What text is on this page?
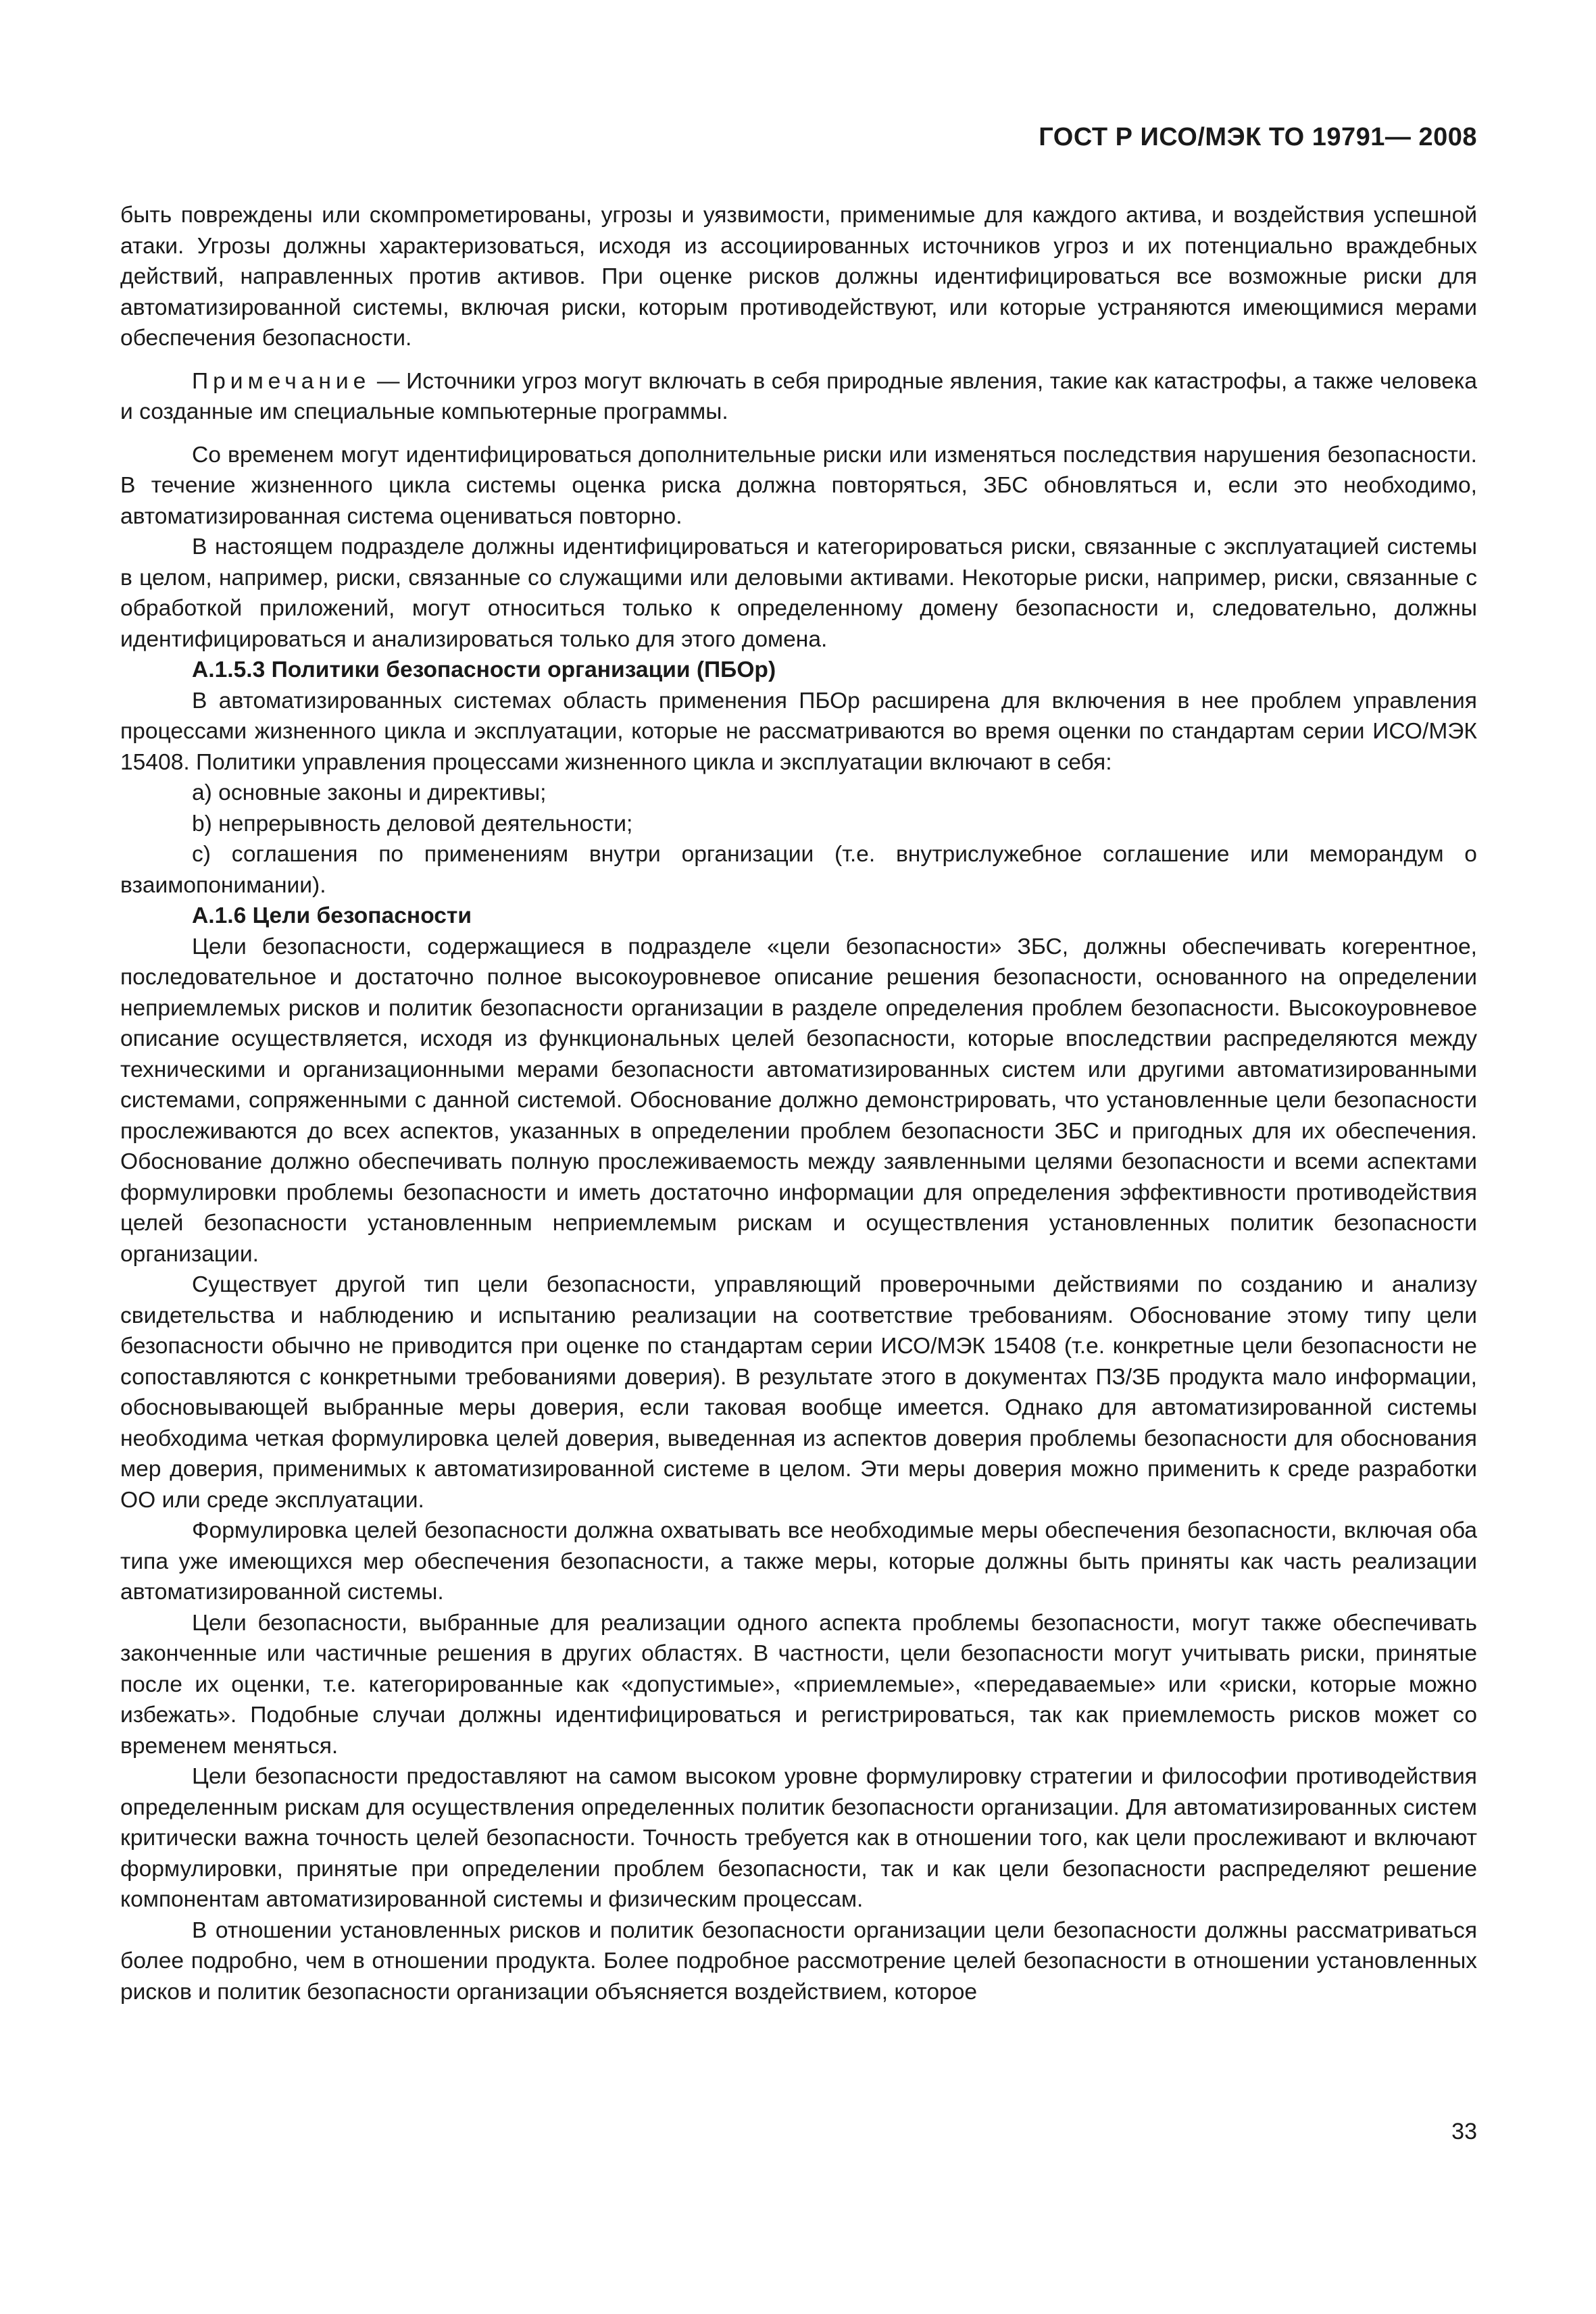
ГОСТ Р ИСО/МЭК ТО 19791— 2008

быть повреждены или скомпрометированы, угрозы и уязвимости, применимые для каждого актива, и воздействия успешной атаки. Угрозы должны характеризоваться, исходя из ассоциированных источников угроз и их потенциально враждебных действий, направленных против активов. При оценке рисков должны идентифицироваться все возможные риски для автоматизированной системы, включая риски, которым противодействуют, или которые устраняются имеющимися мерами обеспечения безопасности.

Примечание — Источники угроз могут включать в себя природные явления, такие как катастрофы, а также человека и созданные им специальные компьютерные программы.

Со временем могут идентифицироваться дополнительные риски или изменяться последствия нарушения безопасности. В течение жизненного цикла системы оценка риска должна повторяться, ЗБС обновляться и, если это необходимо, автоматизированная система оцениваться повторно.

В настоящем подразделе должны идентифицироваться и категорироваться риски, связанные с эксплуатацией системы в целом, например, риски, связанные со служащими или деловыми активами. Некоторые риски, например, риски, связанные с обработкой приложений, могут относиться только к определенному домену безопасности и, следовательно, должны идентифицироваться и анализироваться только для этого домена.

А.1.5.3 Политики безопасности организации (ПБОр)

В автоматизированных системах область применения ПБОр расширена для включения в нее проблем управления процессами жизненного цикла и эксплуатации, которые не рассматриваются во время оценки по стандартам серии ИСО/МЭК 15408. Политики управления процессами жизненного цикла и эксплуатации включают в себя:

а) основные законы и директивы;

b) непрерывность деловой деятельности;

с) соглашения по применениям внутри организации (т.е. внутрислужебное соглашение или меморандум о взаимопонимании).

А.1.6 Цели безопасности

Цели безопасности, содержащиеся в подразделе «цели безопасности» ЗБС, должны обеспечивать когерентное, последовательное и достаточно полное высокоуровневое описание решения безопасности, основанного на определении неприемлемых рисков и политик безопасности организации в разделе определения проблем безопасности. Высокоуровневое описание осуществляется, исходя из функциональных целей безопасности, которые впоследствии распределяются между техническими и организационными мерами безопасности автоматизированных систем или другими автоматизированными системами, сопряженными с данной системой. Обоснование должно демонстрировать, что установленные цели безопасности прослеживаются до всех аспектов, указанных в определении проблем безопасности ЗБС и пригодных для их обеспечения. Обоснование должно обеспечивать полную прослеживаемость между заявленными целями безопасности и всеми аспектами формулировки проблемы безопасности и иметь достаточно информации для определения эффективности противодействия целей безопасности установленным неприемлемым рискам и осуществления установленных политик безопасности организации.

Существует другой тип цели безопасности, управляющий проверочными действиями по созданию и анализу свидетельства и наблюдению и испытанию реализации на соответствие требованиям. Обоснование этому типу цели безопасности обычно не приводится при оценке по стандартам серии ИСО/МЭК 15408 (т.е. конкретные цели безопасности не сопоставляются с конкретными требованиями доверия). В результате этого в документах ПЗ/ЗБ продукта мало информации, обосновывающей выбранные меры доверия, если таковая вообще имеется. Однако для автоматизированной системы необходима четкая формулировка целей доверия, выведенная из аспектов доверия проблемы безопасности для обоснования мер доверия, применимых к автоматизированной системе в целом. Эти меры доверия можно применить к среде разработки ОО или среде эксплуатации.

Формулировка целей безопасности должна охватывать все необходимые меры обеспечения безопасности, включая оба типа уже имеющихся мер обеспечения безопасности, а также меры, которые должны быть приняты как часть реализации автоматизированной системы.

Цели безопасности, выбранные для реализации одного аспекта проблемы безопасности, могут также обеспечивать законченные или частичные решения в других областях. В частности, цели безопасности могут учитывать риски, принятые после их оценки, т.е. категорированные как «допустимые», «приемлемые», «передаваемые» или «риски, которые можно избежать». Подобные случаи должны идентифицироваться и регистрироваться, так как приемлемость рисков может со временем меняться.

Цели безопасности предоставляют на самом высоком уровне формулировку стратегии и философии противодействия определенным рискам для осуществления определенных политик безопасности организации. Для автоматизированных систем критически важна точность целей безопасности. Точность требуется как в отношении того, как цели прослеживают и включают формулировки, принятые при определении проблем безопасности, так и как цели безопасности распределяют решение компонентам автоматизированной системы и физическим процессам.

В отношении установленных рисков и политик безопасности организации цели безопасности должны рассматриваться более подробно, чем в отношении продукта. Более подробное рассмотрение целей безопасности в отношении установленных рисков и политик безопасности организации объясняется воздействием, которое

33
